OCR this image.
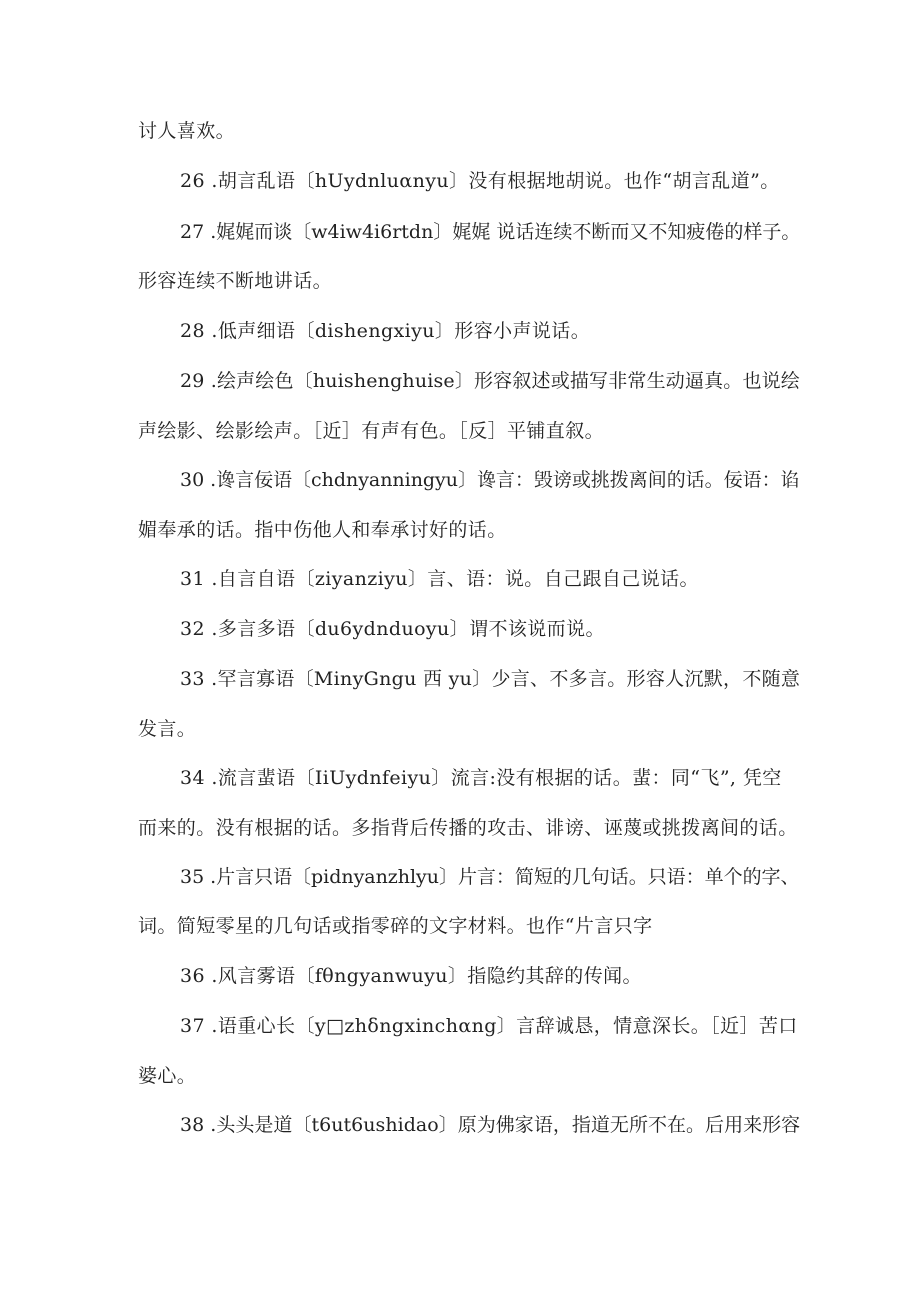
讨人喜欢。
26 .胡言乱语〔hUydnluαnyu〕没有根据地胡说。也作“胡言乱道”。
27 .娓娓而谈〔w4iw4i6rtdn〕娓娓 说话连续不断而又不知疲倦的样子。
形容连续不断地讲话。
28 .低声细语〔dishengxiyu〕形容小声说话。
29 .绘声绘色〔huishenghuise〕形容叙述或描写非常生动逼真。也说绘
声绘影、绘影绘声。［近］有声有色。［反］平铺直叙。
30 .谗言佞语〔chdnyanningyu〕谗言：毁谤或挑拨离间的话。佞语：谄
媚奉承的话。指中伤他人和奉承讨好的话。
31 .自言自语〔ziyanziyu〕言、语：说。自己跟自己说话。
32 .多言多语〔du6ydnduoyu〕谓不该说而说。
33 .罕言寡语〔MinyGngu 西 yu〕少言、不多言。形容人沉默，不随意
发言。
34 .流言蜚语〔IiUydnfeiyu〕流言:没有根据的话。蜚：同“飞”, 凭空
而来的。没有根据的话。多指背后传播的攻击、诽谤、诬蔑或挑拨离间的话。
35 .片言只语〔pidnyanzhlyu〕片言：简短的几句话。只语：单个的字、
词。简短零星的几句话或指零碎的文字材料。也作“片言只字
36 .风言雾语〔fθngyanwuyu〕指隐约其辞的传闻。
37 .语重心长〔y□zhδngxinchαng〕言辞诚恳，情意深长。［近］苦口
婆心。
38 .头头是道〔t6ut6ushidao〕原为佛家语，指道无所不在。后用来形容
